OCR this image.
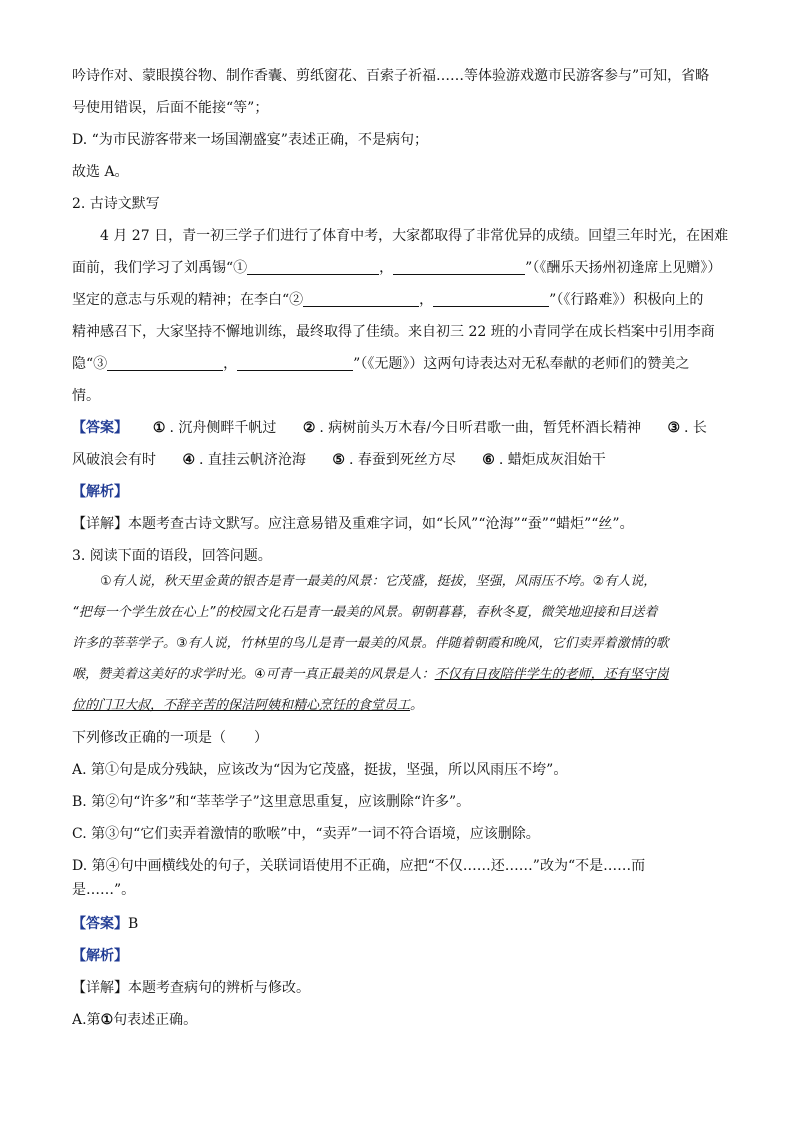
吟诗作对、蒙眼摸谷物、制作香囊、剪纸窗花、百索子祈福……等体验游戏邀市民游客参与”可知，省略
号使用错误，后面不能接“等”；
D. “为市民游客带来一场国潮盛宴”表述正确，不是病句；
故选 A。
2. 古诗文默写
4 月 27 日，青一初三学子们进行了体育中考，大家都取得了非常优异的成绩。回望三年时光，在困难
面前，我们学习了刘禹锡“①	，	”（《酬乐天扬州初逢席上见赠》）
坚定的意志与乐观的精神；在李白“②	，	”（《行路难》）积极向上的
精神感召下，大家坚持不懈地训练，最终取得了佳绩。来自初三 22 班的小青同学在成长档案中引用李商
隐“③	，	”（《无题》）这两句诗表达对无私奉献的老师们的赞美之
情。
【答案】 ① . 沉舟侧畔千帆过 ② . 病树前头万木春/今日听君歌一曲，暂凭杯酒长精神 ③ . 长
风破浪会有时 ④ . 直挂云帆济沧海 ⑤ . 春蚕到死丝方尽 ⑥ . 蜡炬成灰泪始干
【解析】
【详解】本题考查古诗文默写。应注意易错及重难字词，如“长风”“沧海”“蚕”“蜡炬”“丝”。
3. 阅读下面的语段，回答问题。
①有人说，秋天里金黄的银杏是青一最美的风景：它茂盛，挺拔，坚强，风雨压不垮。②有人说，
“把每一个学生放在心上”的校园文化石是青一最美的风景。朝朝暮暮，春秋冬夏，微笑地迎接和目送着
许多的莘莘学子。③有人说，竹林里的鸟儿是青一最美的风景。伴随着朝霞和晚风，它们卖弄着激情的歌
喉，赞美着这美好的求学时光。④可青一真正最美的风景是人：不仅有日夜陪伴学生的老师，还有坚守岗
位的门卫大叔，不辞辛苦的保洁阿姨和精心烹饪的食堂员工。
下列修改正确的一项是（　　）
A. 第①句是成分残缺，应该改为“因为它茂盛，挺拔，坚强，所以风雨压不垮”。
B. 第②句“许多”和“莘莘学子”这里意思重复，应该删除“许多”。
C. 第③句“它们卖弄着激情的歌喉”中，“卖弄”一词不符合语境，应该删除。
D. 第④句中画横线处的句子，关联词语使用不正确，应把“不仅……还……”改为“不是……而
是……”。
【答案】B
【解析】
【详解】本题考查病句的辨析与修改。
A.第①句表述正确。
